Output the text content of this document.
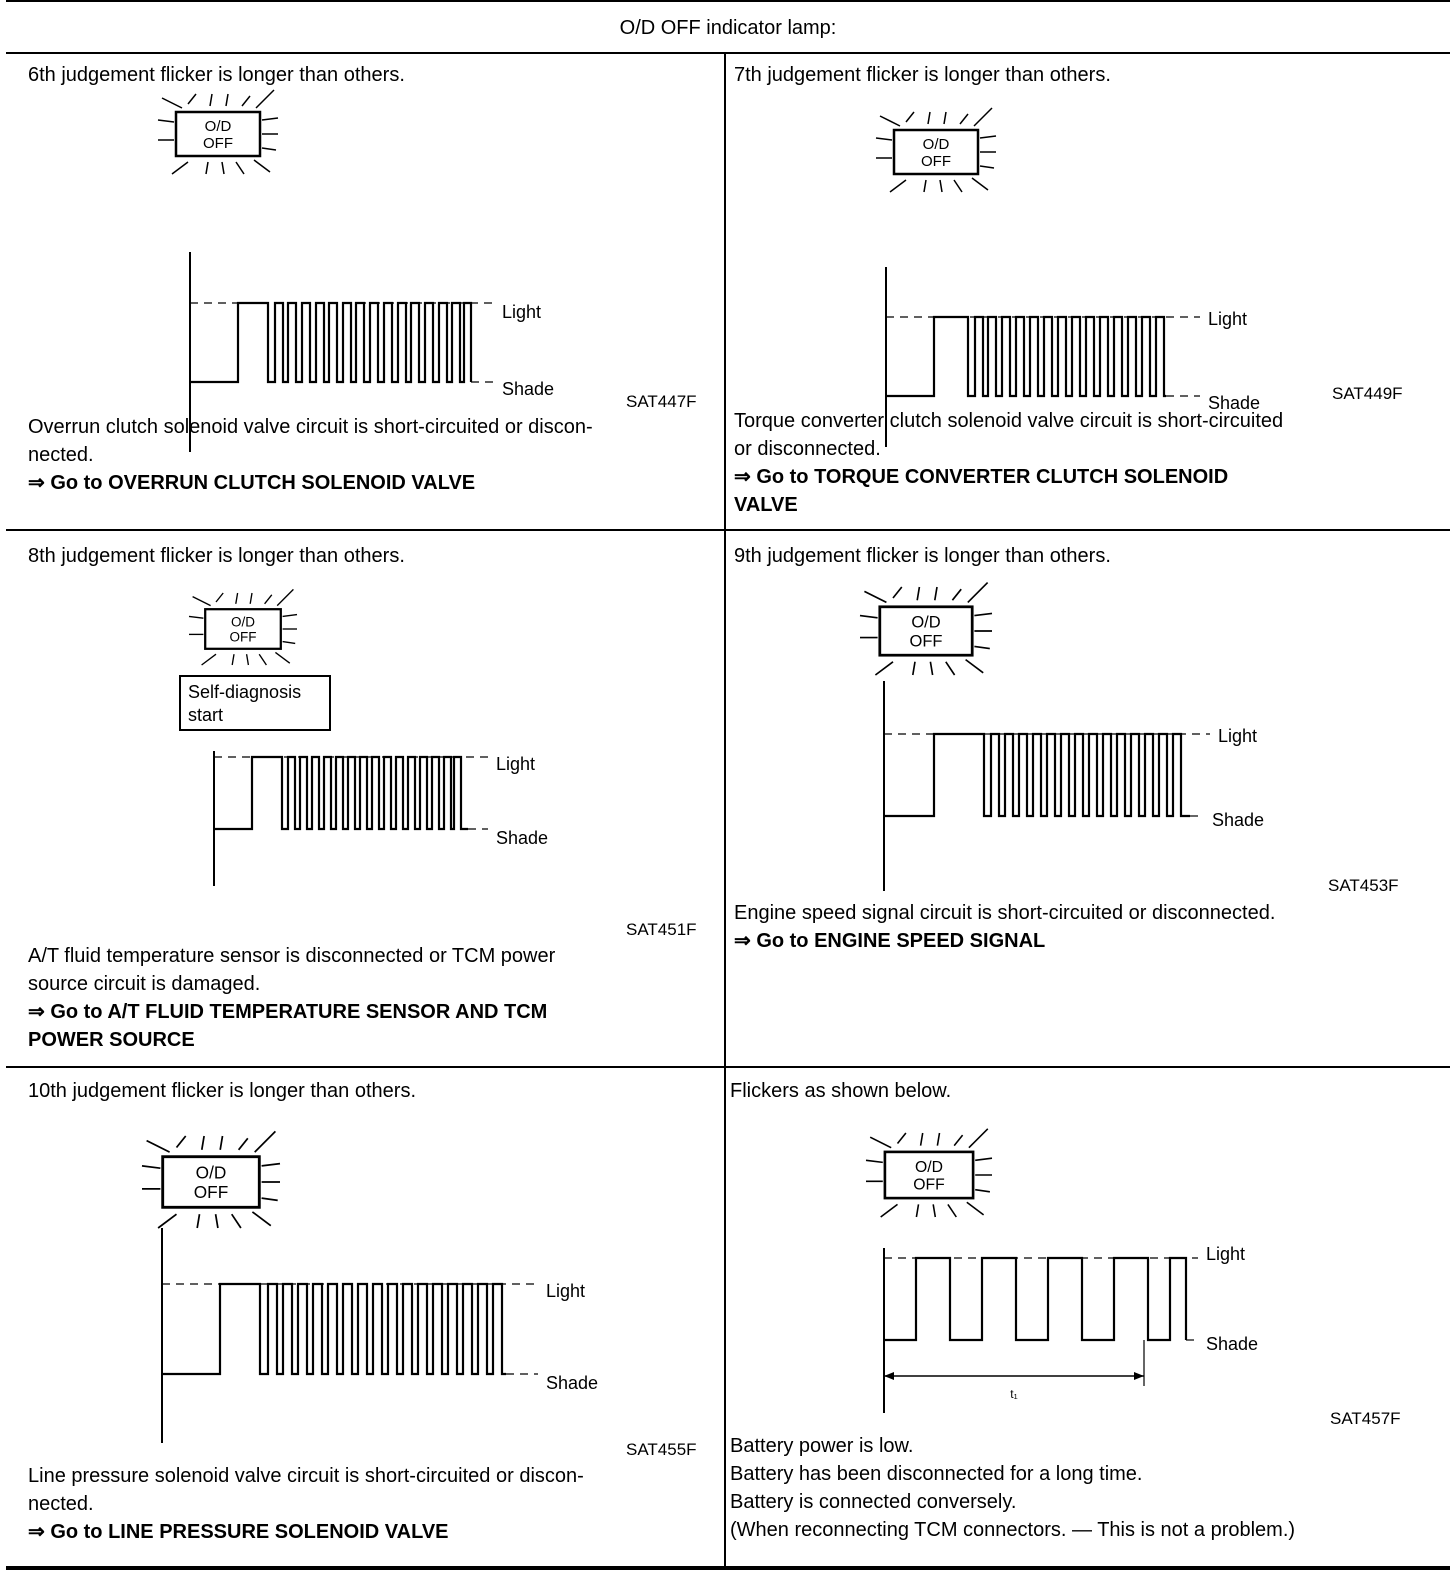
O/D OFF indicator lamp:
6th judgement flicker is longer than others.
O/D
OFF
Light
Shade
SAT447F
Overrun clutch solenoid valve circuit is short-circuited or discon-
nected.
⇒ Go to OVERRUN CLUTCH SOLENOID VALVE
7th judgement flicker is longer than others.
O/D
OFF
Light
Shade	SAT449F
Torque converter clutch solenoid valve circuit is short-circuited
or disconnected.
⇒ Go to TORQUE CONVERTER CLUTCH SOLENOID
VALVE
8th judgement flicker is longer than others.
O/D
OFF
Light
Shade
Self-diagnosis
start
SAT451F
A/T fluid temperature sensor is disconnected or TCM power
source circuit is damaged.
⇒ Go to A/T FLUID TEMPERATURE SENSOR AND TCM
POWER SOURCE
9th judgement flicker is longer than others.
O/D
OFF
Light
Shade
SAT453F
Engine speed signal circuit is short-circuited or disconnected.
⇒ Go to ENGINE SPEED SIGNAL
10th judgement flicker is longer than others.
O/D
OFF
Light
Shade
SAT455F
Line pressure solenoid valve circuit is short-circuited or discon-
nected.
⇒ Go to LINE PRESSURE SOLENOID VALVE
Flickers as shown below.
O/D
OFF
Light
Shade
t₁
SAT457F
Battery power is low.
Battery has been disconnected for a long time.
Battery is connected conversely.
(When reconnecting TCM connectors. — This is not a problem.)
